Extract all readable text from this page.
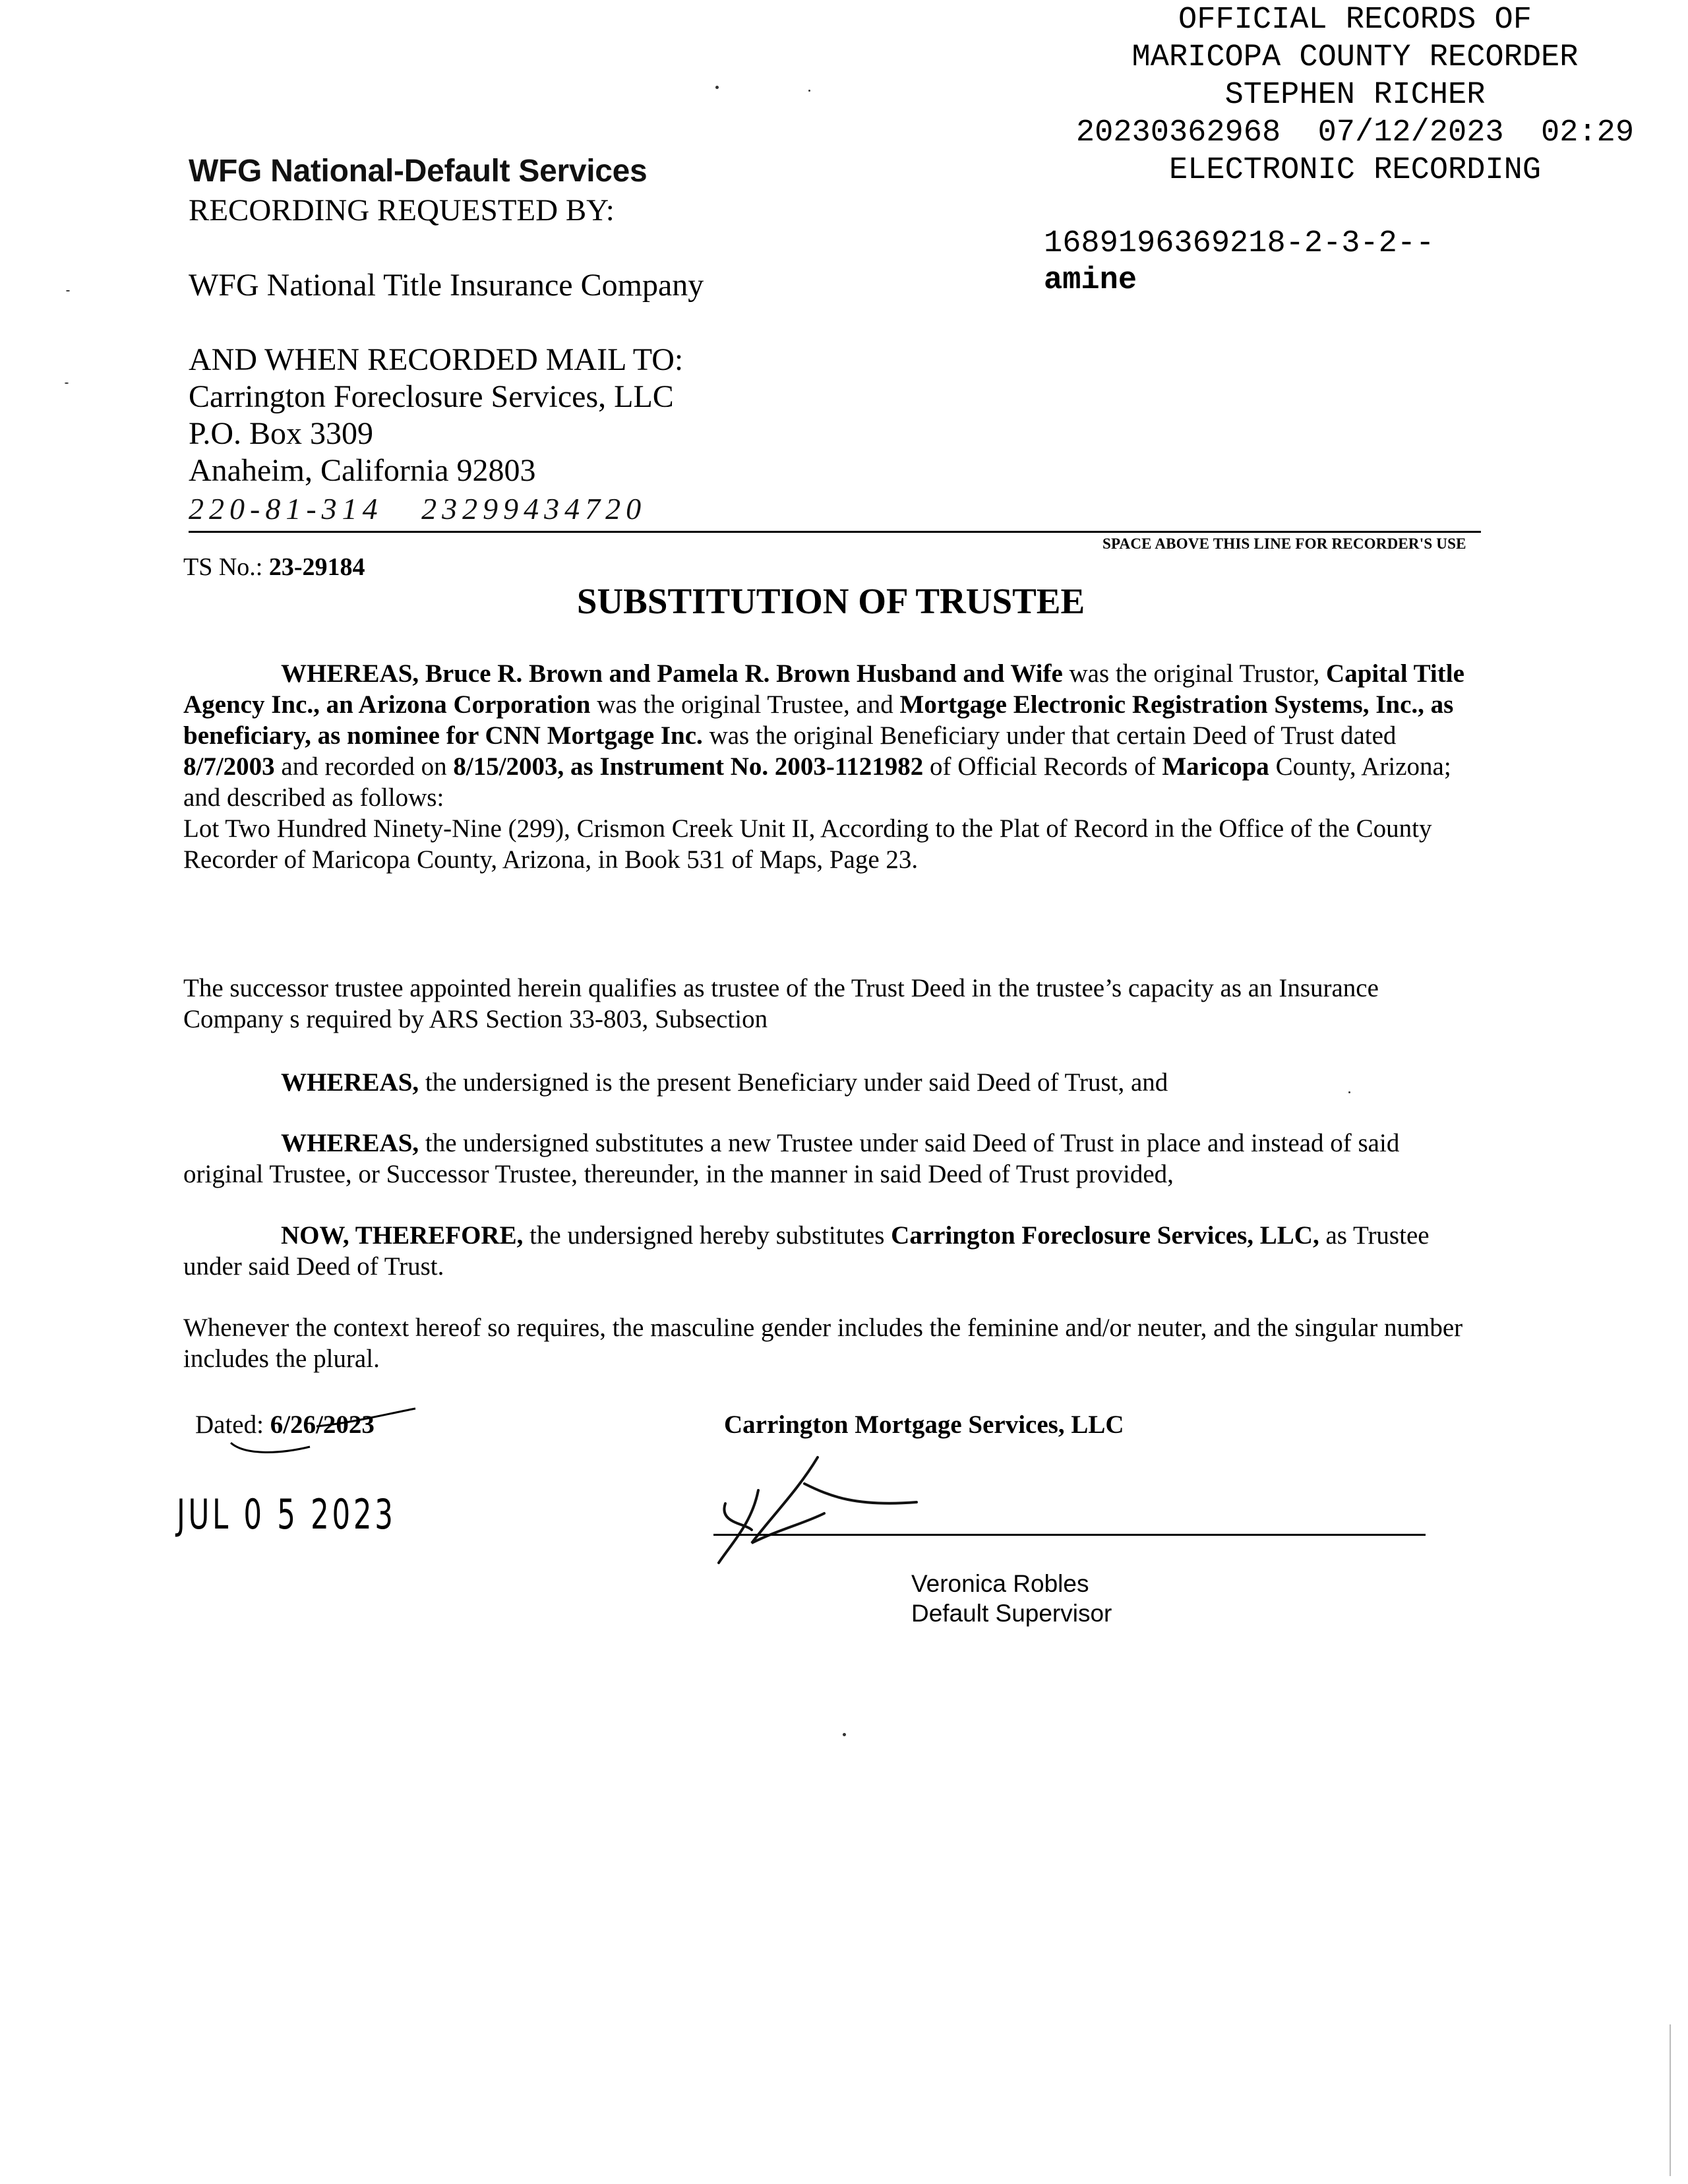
OFFICIAL RECORDS OF
MARICOPA COUNTY RECORDER
STEPHEN RICHER
20230362968  07/12/2023  02:29
ELECTRONIC RECORDING
1689196369218-2-3-2--
amine
WFG National-Default Services
RECORDING REQUESTED BY:
WFG National Title Insurance Company
AND WHEN RECORDED MAIL TO:
Carrington Foreclosure Services, LLC
P.O. Box 3309
Anaheim, California 92803
220-81-314   23299434720
SPACE ABOVE THIS LINE FOR RECORDER'S USE
TS No.: 23-29184
SUBSTITUTION OF TRUSTEE
WHEREAS, Bruce R. Brown and Pamela R. Brown Husband and Wife was the original Trustor, Capital Title Agency Inc., an Arizona Corporation was the original Trustee, and Mortgage Electronic Registration Systems, Inc., as beneficiary, as nominee for CNN Mortgage Inc. was the original Beneficiary under that certain Deed of Trust dated 8/7/2003 and recorded on 8/15/2003, as Instrument No. 2003-1121982 of Official Records of Maricopa County, Arizona; and described as follows:
Lot Two Hundred Ninety-Nine (299), Crismon Creek Unit II, According to the Plat of Record in the Office of the County Recorder of Maricopa County, Arizona, in Book 531 of Maps, Page 23.
The successor trustee appointed herein qualifies as trustee of the Trust Deed in the trustee’s capacity as an Insurance Company s required by ARS Section 33-803, Subsection
WHEREAS, the undersigned is the present Beneficiary under said Deed of Trust, and
WHEREAS, the undersigned substitutes a new Trustee under said Deed of Trust in place and instead of said original Trustee, or Successor Trustee, thereunder, in the manner in said Deed of Trust provided,
NOW, THEREFORE, the undersigned hereby substitutes Carrington Foreclosure Services, LLC, as Trustee under said Deed of Trust.
Whenever the context hereof so requires, the masculine gender includes the feminine and/or neuter, and the singular number includes the plural.
Dated: 6/26/2023
JUL 0 5 2023
Carrington Mortgage Services, LLC
Veronica Robles
Default Supervisor
